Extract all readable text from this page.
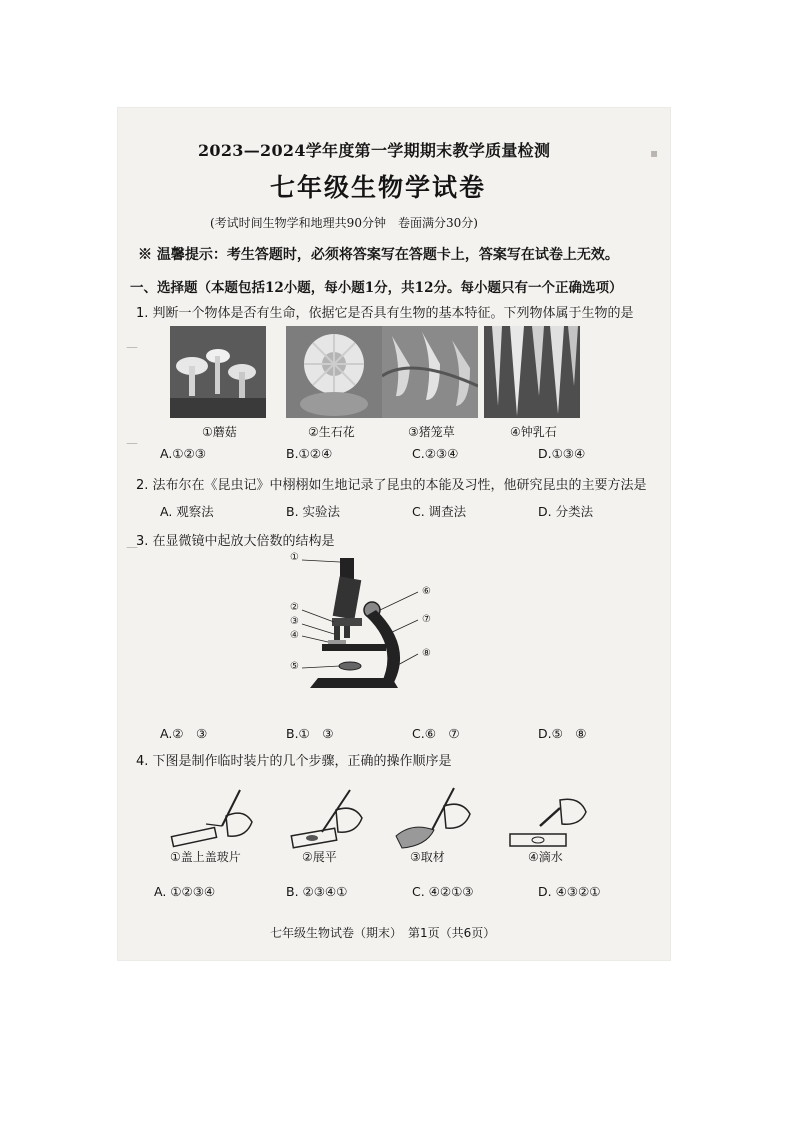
▪
—
—
—
2023—2024学年度第一学期期末教学质量检测
七年级生物学试卷
(考试时间生物学和地理共90分钟　卷面满分30分)
※ 温馨提示：考生答题时，必须将答案写在答题卡上，答案写在试卷上无效。
一、选择题（本题包括12小题，每小题1分，共12分。每小题只有一个正确选项）
1. 判断一个物体是否有生命，依据它是否具有生物的基本特征。下列物体属于生物的是
①蘑菇	②生石花	③猪笼草	④钟乳石
A.①②③	B.①②④	C.②③④	D.①③④
2. 法布尔在《昆虫记》中栩栩如生地记录了昆虫的本能及习性，他研究昆虫的主要方法是
A. 观察法	B. 实验法	C. 调查法	D. 分类法
3. 在显微镜中起放大倍数的结构是
①
②
③
④
⑤
⑥
⑦
⑧
A.②　③	B.①　③	C.⑥　⑦	D.⑤　⑧
4. 下图是制作临时装片的几个步骤，正确的操作顺序是
①盖上盖玻片	②展平	③取材	④滴水
A. ①②③④	B. ②③④①	C. ④②①③	D. ④③②①
七年级生物试卷（期末）　第1页（共6页）
